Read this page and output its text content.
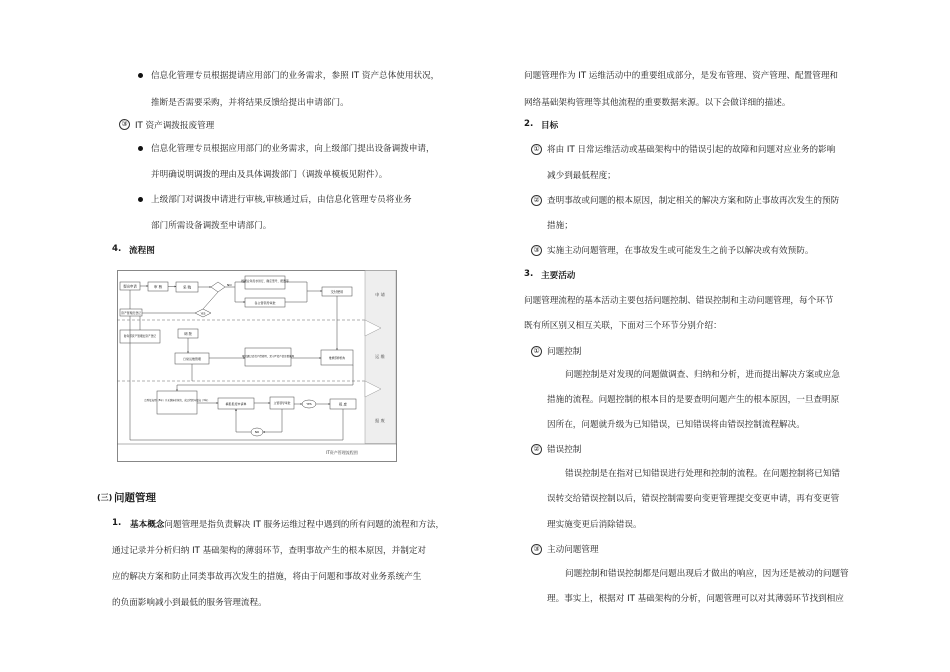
信息化管理专员根据提请应用部门的业务需求，参照 IT 资产总体使用状况，
推断是否需要采购，并将结果反馈给提出申请部门。
③ IT 资产调拨报废管理
信息化管理专员根据应用部门的业务需求，向上级部门提出设备调拨申请，
并明确说明调拨的理由及具体调拨部门（调拨单模板见附件）。
上级部门对调拨申请进行审核,审核通过后，由信息化管理专员将业务
部门所需设备调拨至申请部门。
4. 流程图
申 请
运 维
报 废
IT资产管理流程图
提出申请	审 核	采 购
NO
根据业务需求进行，确定型号，配置等
各主管领导审批
交付使用
资产管理员登记	YES
财务部资产管理处资产登记	调 拨
日常运维管理
审批通过后资产借使用，录入IT资产信息数据库	维修部修机构
达到报废期（5年）且无维修价值的，或过程损坏报废（3年）
填报报废申请单	主管领导审批	YES	报 废
NO
(三) 问题管理
1. 基本概念问题管理是指负责解决 IT 服务运维过程中遇到的所有问题的流程和方法，
通过记录并分析归纳 IT 基础架构的薄弱环节，查明事故产生的根本原因，并制定对
应的解决方案和防止同类事故再次发生的措施，将由于问题和事故对业务系统产生
的负面影响减小到最低的服务管理流程。
问题管理作为 IT 运维活动中的重要组成部分，是发布管理、资产管理、配置管理和
网络基础架构管理等其他流程的重要数据来源。以下会做详细的描述。
2. 目标
① 将由 IT 日常运维活动或基础架构中的错误引起的故障和问题对应业务的影响
减少到最低程度；
② 查明事故或问题的根本原因，制定相关的解决方案和防止事故再次发生的预防
措施；
③ 实施主动问题管理，在事故发生或可能发生之前予以解决或有效预防。
3. 主要活动
问题管理流程的基本活动主要包括问题控制、错误控制和主动问题管理，每个环节
既有所区别又相互关联，下面对三个环节分别介绍：
① 问题控制
问题控制是对发现的问题做调查、归纳和分析，进而提出解决方案或应急
措施的流程。问题控制的根本目的是要查明问题产生的根本原因，一旦查明原
因所在，问题就升级为已知错误，已知错误将由错误控制流程解决。
② 错误控制
错误控制是在指对已知错误进行处理和控制的流程。在问题控制将已知错
误转交给错误控制以后，错误控制需要向变更管理提交变更申请，再有变更管
理实施变更后消除错误。
③ 主动问题管理
问题控制和错误控制都是问题出现后才做出的响应，因为还是被动的问题管
理。事实上，根据对 IT 基础架构的分析，问题管理可以对其薄弱环节找到相应
